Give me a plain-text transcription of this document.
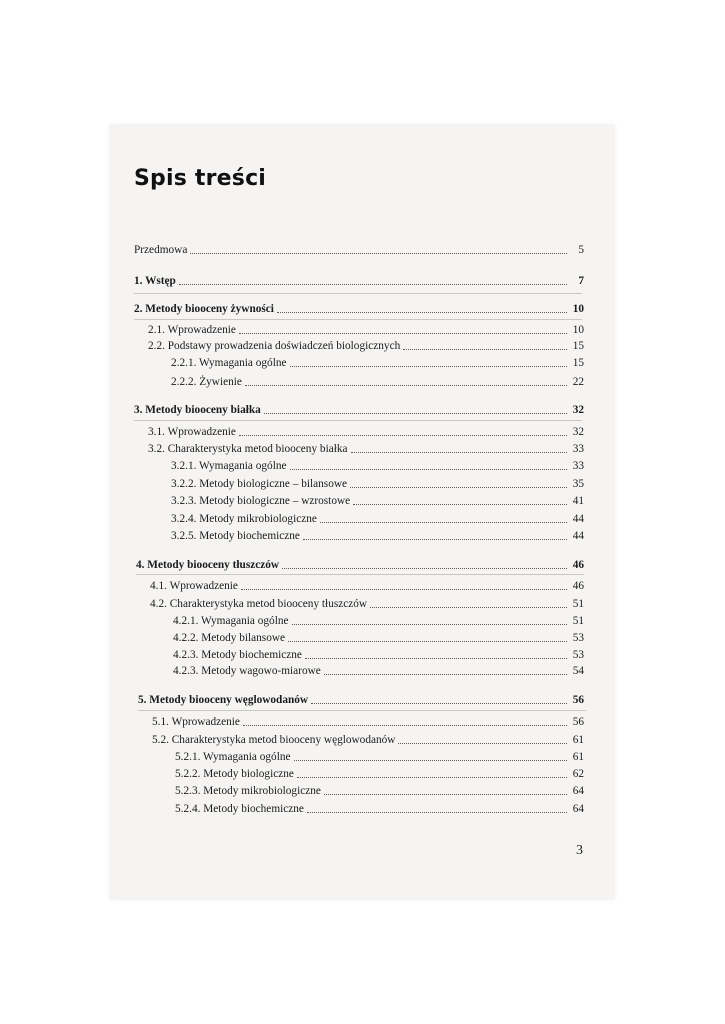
Spis treści
Przedmowa	5
1. Wstęp	7
2. Metody biooceny żywności	10
2.1. Wprowadzenie	10
2.2. Podstawy prowadzenia doświadczeń biologicznych	15
2.2.1. Wymagania ogólne	15
2.2.2. Żywienie	22
3. Metody biooceny białka	32
3.1. Wprowadzenie	32
3.2. Charakterystyka metod biooceny białka	33
3.2.1. Wymagania ogólne	33
3.2.2. Metody biologiczne – bilansowe	35
3.2.3. Metody biologiczne – wzrostowe	41
3.2.4. Metody mikrobiologiczne	44
3.2.5. Metody biochemiczne	44
4. Metody biooceny tłuszczów	46
4.1. Wprowadzenie	46
4.2. Charakterystyka metod biooceny tłuszczów	51
4.2.1. Wymagania ogólne	51
4.2.2. Metody bilansowe	53
4.2.3. Metody biochemiczne	53
4.2.3. Metody wagowo-miarowe	54
5. Metody biooceny węglowodanów	56
5.1. Wprowadzenie	56
5.2. Charakterystyka metod biooceny węglowodanów	61
5.2.1. Wymagania ogólne	61
5.2.2. Metody biologiczne	62
5.2.3. Metody mikrobiologiczne	64
5.2.4. Metody biochemiczne	64
3
